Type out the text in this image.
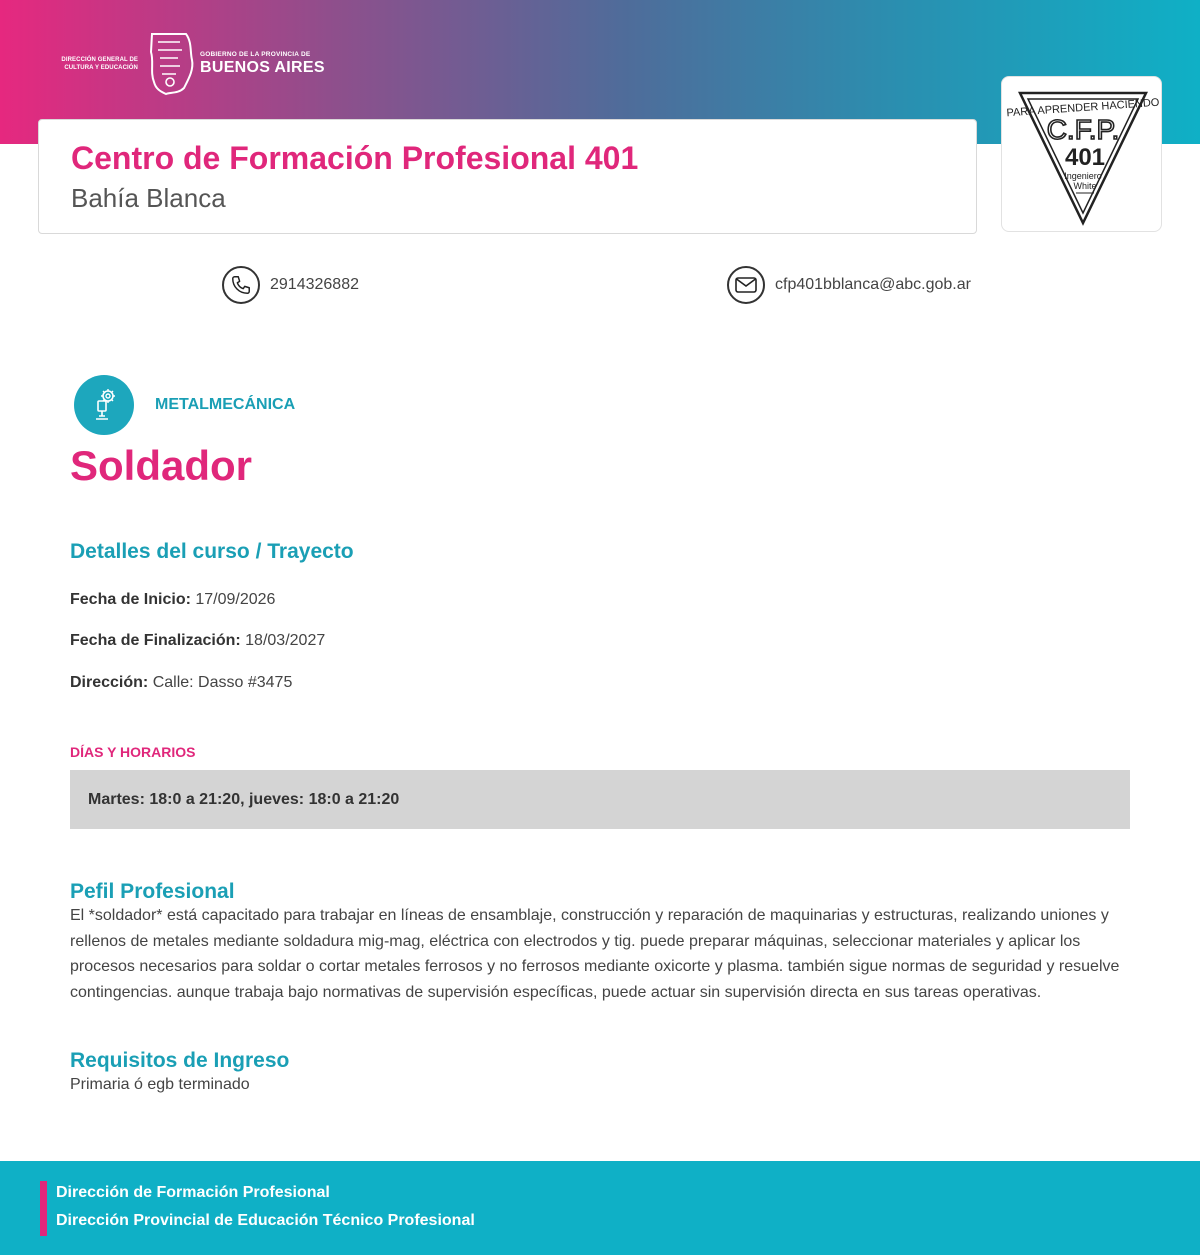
DIRECCIÓN GENERAL DE
CULTURA Y EDUCACIÓN
GOBIERNO DE LA PROVINCIA DE
BUENOS AIRES
Centro de Formación Profesional 401
Bahía Blanca
PARA APRENDER HACIENDO
C.F.P.
401
Ingeniero
White
2914326882	cfp401bblanca@abc.gob.ar
METALMECÁNICA
Soldador
Detalles del curso / Trayecto
Fecha de Inicio: 17/09/2026
Fecha de Finalización: 18/03/2027
Dirección: Calle: Dasso #3475
DÍAS Y HORARIOS
Martes: 18:0 a 21:20, jueves: 18:0 a 21:20
Pefil Profesional
El *soldador* está capacitado para trabajar en líneas de ensamblaje, construcción y reparación de maquinarias y estructuras, realizando uniones y rellenos de metales mediante soldadura mig-mag, eléctrica con electrodos y tig. puede preparar máquinas, seleccionar materiales y aplicar los procesos necesarios para soldar o cortar metales ferrosos y no ferrosos mediante oxicorte y plasma. también sigue normas de seguridad y resuelve contingencias. aunque trabaja bajo normativas de supervisión específicas, puede actuar sin supervisión directa en sus tareas operativas.
Requisitos de Ingreso
Primaria ó egb terminado
Dirección de Formación Profesional
Dirección Provincial de Educación Técnico Profesional
